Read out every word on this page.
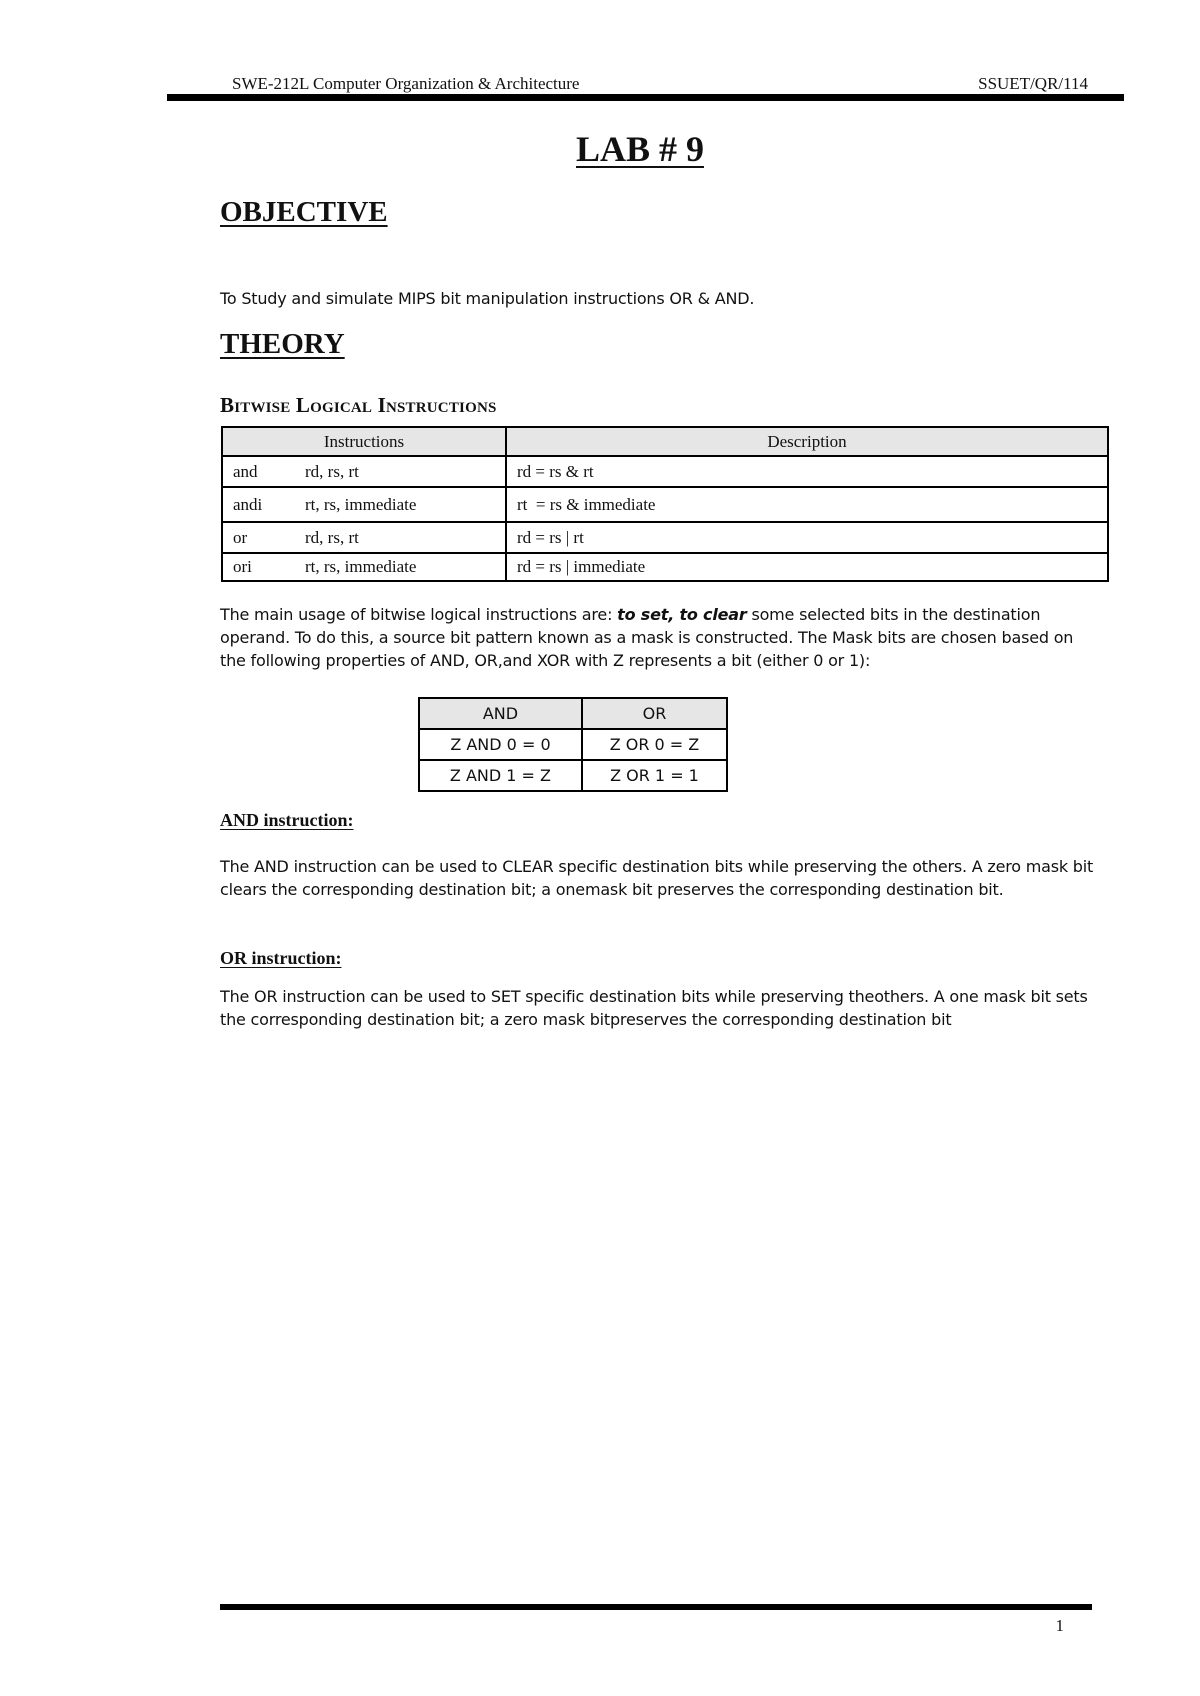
SWE-212L Computer Organization & Architecture	SSUET/QR/114
LAB # 9
OBJECTIVE
To Study and simulate MIPS bit manipulation instructions OR & AND.
THEORY
Bitwise Logical Instructions
Instructions	Description
and rd, rs, rt	rd = rs & rt
andi rt, rs, immediate	rt  = rs & immediate
or rd, rs, rt	rd = rs | rt
ori rt, rs, immediate	rd = rs | immediate
The main usage of bitwise logical instructions are: to set, to clear some selected bits in the destination operand. To do this, a source bit pattern known as a mask is constructed. The Mask bits are chosen based on the following properties of AND, OR,and XOR with Z represents a bit (either 0 or 1):
AND	OR
Z AND 0 = 0	Z OR 0 = Z
Z AND 1 = Z	Z OR 1 = 1
AND instruction:
The AND instruction can be used to CLEAR specific destination bits while preserving the others. A zero mask bit clears the corresponding destination bit; a onemask bit preserves the corresponding destination bit.
OR instruction:
The OR instruction can be used to SET specific destination bits while preserving theothers. A one mask bit sets the corresponding destination bit; a zero mask bitpreserves the corresponding destination bit
1
